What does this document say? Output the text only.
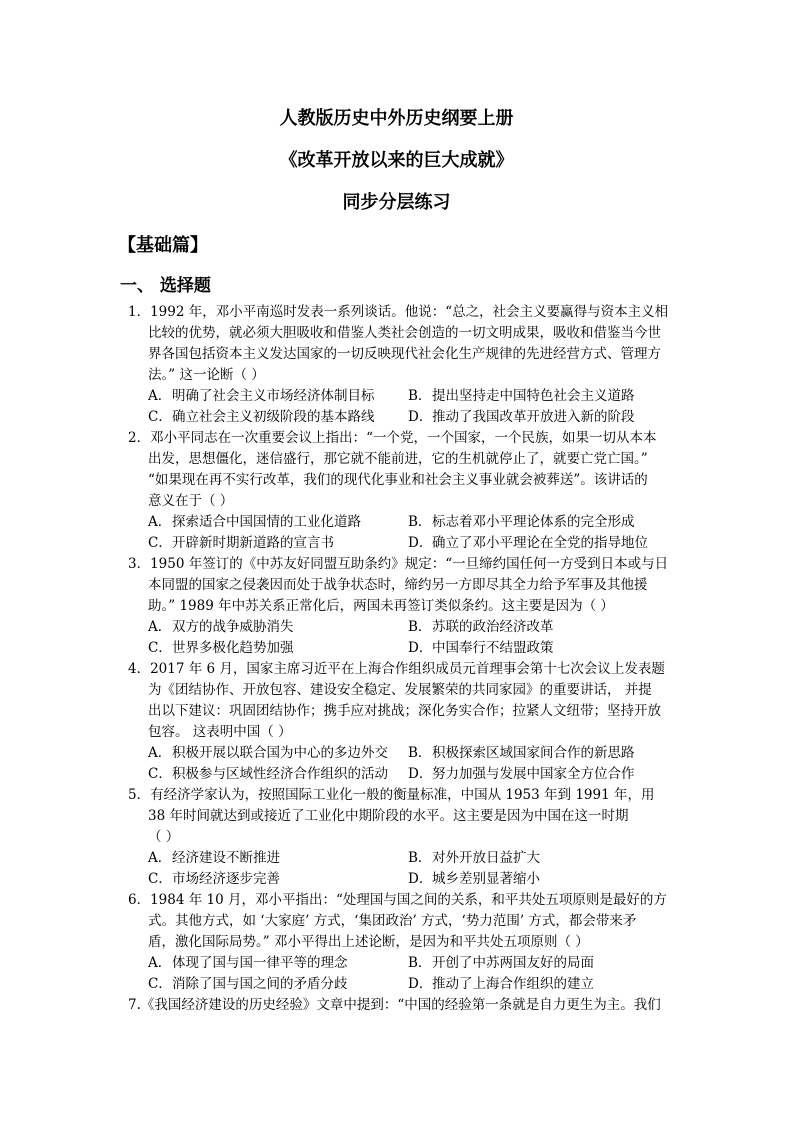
人教版历史中外历史纲要上册
《改革开放以来的巨大成就》
同步分层练习
【基础篇】
一、 选择题
1．1992 年，邓小平南巡时发表一系列谈话。他说：“总之，社会主义要赢得与资本主义相
比较的优势，就必须大胆吸收和借鉴人类社会创造的一切文明成果，吸收和借鉴当今世
界各国包括资本主义发达国家的一切反映现代社会化生产规律的先进经营方式、管理方
法。” 这一论断（ ）
A．明确了社会主义市场经济体制目标	B．提出坚持走中国特色社会主义道路
C．确立社会主义初级阶段的基本路线	D．推动了我国改革开放进入新的阶段
2．邓小平同志在一次重要会议上指出：“一个党，一个国家，一个民族，如果一切从本本
出发，思想僵化，迷信盛行，那它就不能前进，它的生机就停止了，就要亡党亡国。”
“如果现在再不实行改革，我们的现代化事业和社会主义事业就会被葬送”。该讲话的
意义在于（ ）
A．探索适合中国国情的工业化道路	B．标志着邓小平理论体系的完全形成
C．开辟新时期新道路的宣言书	D．确立了邓小平理论在全党的指导地位
3．1950 年签订的《中苏友好同盟互助条约》规定：“一旦缔约国任何一方受到日本或与日
本同盟的国家之侵袭因而处于战争状态时，缔约另一方即尽其全力给予军事及其他援
助。” 1989 年中苏关系正常化后，两国未再签订类似条约。这主要是因为（ ）
A．双方的战争威胁消失	B．苏联的政治经济改革
C．世界多极化趋势加强	D．中国奉行不结盟政策
4．2017 年 6 月，国家主席习近平在上海合作组织成员元首理事会第十七次会议上发表题
为《团结协作、开放包容、建设安全稳定、发展繁荣的共同家园》的重要讲话， 并提
出以下建议：巩固团结协作；携手应对挑战；深化务实合作；拉紧人文纽带；坚持开放
包容。 这表明中国（ ）
A．积极开展以联合国为中心的多边外交	B．积极探索区域国家间合作的新思路
C．积极参与区域性经济合作组织的活动	D．努力加强与发展中国家全方位合作
5．有经济学家认为，按照国际工业化一般的衡量标准，中国从 1953 年到 1991 年，用
38 年时间就达到或接近了工业化中期阶段的水平。这主要是因为中国在这一时期
（ ）
A．经济建设不断推进	B．对外开放日益扩大
C．市场经济逐步完善	D．城乡差别显著缩小
6．1984 年 10 月，邓小平指出：“处理国与国之间的关系，和平共处五项原则是最好的方
式。其他方式，如 ‘大家庭’ 方式，‘集团政治’ 方式，‘势力范围’ 方式，都会带来矛
盾，激化国际局势。” 邓小平得出上述论断，是因为和平共处五项原则（ ）
A．体现了国与国一律平等的理念	B．开创了中苏两国友好的局面
C．消除了国与国之间的矛盾分歧	D．推动了上海合作组织的建立
7.《我国经济建设的历史经验》文章中提到：“中国的经验第一条就是自力更生为主。我们
